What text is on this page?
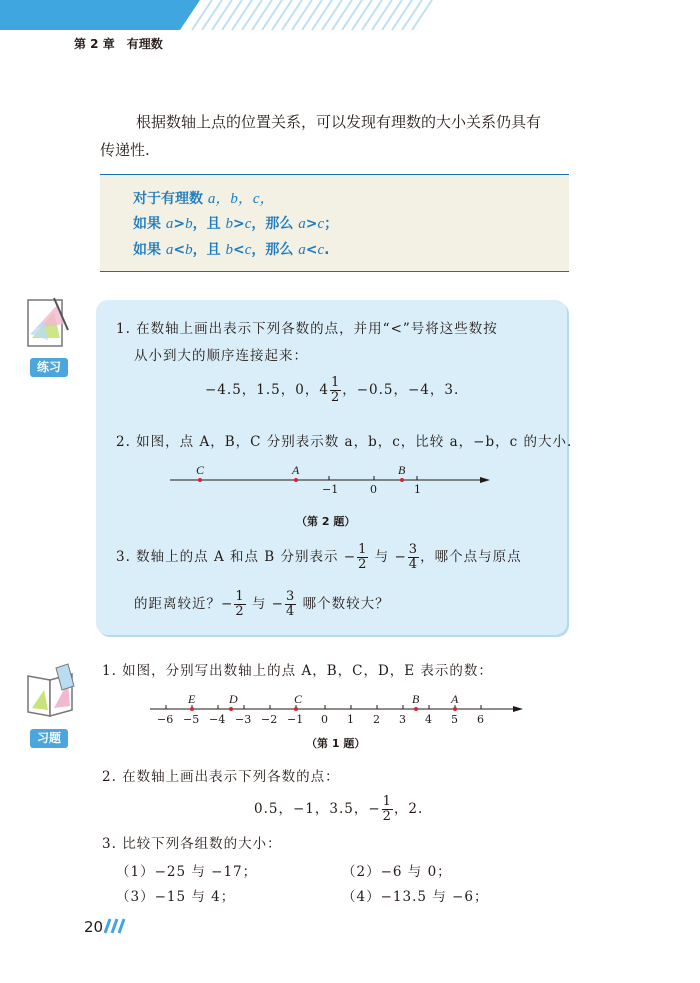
第 2 章 有理数
根据数轴上点的位置关系，可以发现有理数的大小关系仍具有
传递性.
对于有理数 a，b，c，
如果 a>b，且 b>c，那么 a>c；
如果 a<b，且 b<c，那么 a<c.
练习
1. 在数轴上画出表示下列各数的点，并用“<”号将这些数按
从小到大的顺序连接起来：
−4.5，1.5，0，$4 \frac{1}{2}$ ，−0.5，−4，3.
2. 如图，点 A，B，C 分别表示数 a，b，c，比较 a，−b，c 的大小.
C	A	B
−1	0	1
（第 2 题）
3. 数轴上的点 A 和点 B 分别表示 − $\frac{1}{2}$ 与 − $\frac{3}{4}$ ，哪个点与原点
的距离较近？− $\frac{1}{2}$ 与 − $\frac{3}{4}$ 哪个数较大？
习题
1. 如图，分别写出数轴上的点 A，B，C，D，E 表示的数：
E	D	C	B	A
−6 −5 −4 −3 −2 −1 0 1 2 3 4 5 6
（第 1 题）
2. 在数轴上画出表示下列各数的点：
0.5，−1，3.5，− $\frac{1}{2}$ ，2.
3. 比较下列各组数的大小：
（1）−25 与 −17；	（2）−6 与 0；
（3）−15 与 4；	（4）−13.5 与 −6；
20
